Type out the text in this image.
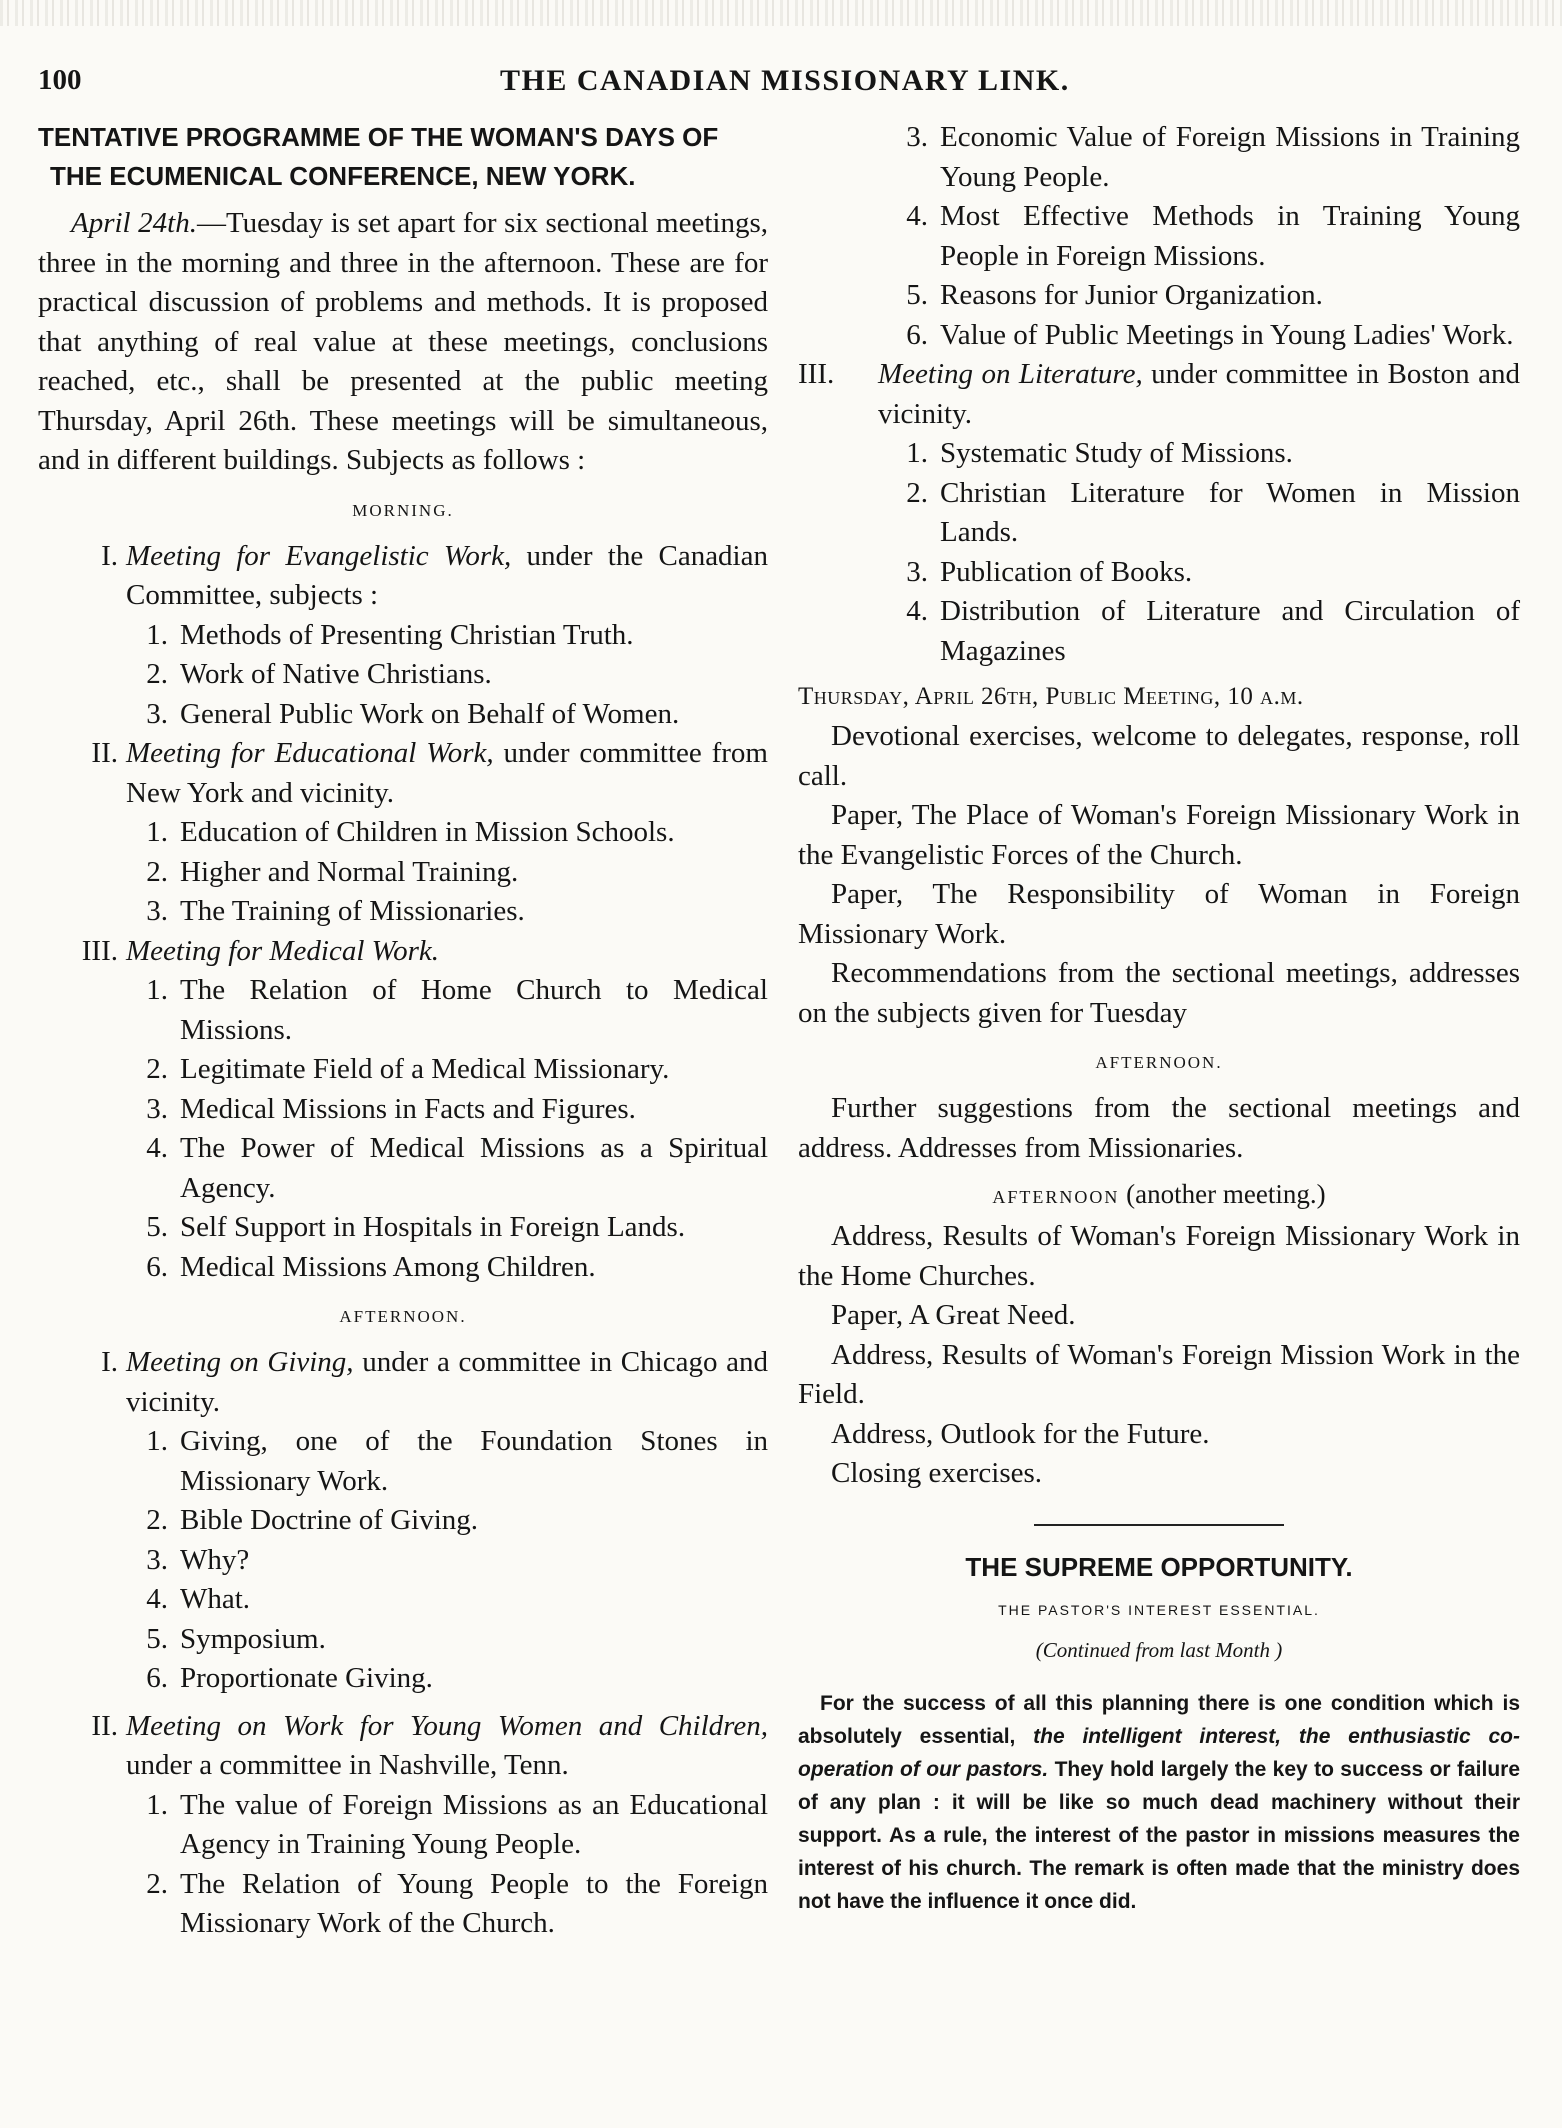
100	THE CANADIAN MISSIONARY LINK.
TENTATIVE PROGRAMME OF THE WOMAN'S DAYS OF THE ECUMENICAL CONFERENCE, NEW YORK.

April 24th.—Tuesday is set apart for six sectional meetings, three in the morning and three in the afternoon. These are for practical discussion of problems and methods. It is proposed that anything of real value at these meetings, conclusions reached, etc., shall be presented at the public meeting Thursday, April 26th. These meetings will be simultaneous, and in different buildings. Subjects as follows :

MORNING.
I. Meeting for Evangelistic Work, under the Canadian Committee, subjects :
1. Methods of Presenting Christian Truth.
2. Work of Native Christians.
3. General Public Work on Behalf of Women.
II. Meeting for Educational Work, under committee from New York and vicinity.
1. Education of Children in Mission Schools.
2. Higher and Normal Training.
3. The Training of Missionaries.
III. Meeting for Medical Work.
1. The Relation of Home Church to Medical Missions.
2. Legitimate Field of a Medical Missionary.
3. Medical Missions in Facts and Figures.
4. The Power of Medical Missions as a Spiritual Agency.
5. Self Support in Hospitals in Foreign Lands.
6. Medical Missions Among Children.
AFTERNOON.
I. Meeting on Giving, under a committee in Chicago and vicinity.
1. Giving, one of the Foundation Stones in Missionary Work.
2. Bible Doctrine of Giving.
3. Why?
4. What.
5. Symposium.
6. Proportionate Giving.
II. Meeting on Work for Young Women and Children, under a committee in Nashville, Tenn.
1. The value of Foreign Missions as an Educational Agency in Training Young People.
2. The Relation of Young People to the Foreign Missionary Work of the Church.
3. Economic Value of Foreign Missions in Training Young People.
4. Most Effective Methods in Training Young People in Foreign Missions.
5. Reasons for Junior Organization.
6. Value of Public Meetings in Young Ladies' Work.
III. Meeting on Literature, under committee in Boston and vicinity.
1. Systematic Study of Missions.
2. Christian Literature for Women in Mission Lands.
3. Publication of Books.
4. Distribution of Literature and Circulation of Magazines
Thursday, April 26th, Public Meeting, 10 a.m.

Devotional exercises, welcome to delegates, response, roll call.

Paper, The Place of Woman's Foreign Missionary Work in the Evangelistic Forces of the Church.

Paper, The Responsibility of Woman in Foreign Missionary Work.

Recommendations from the sectional meetings, addresses on the subjects given for Tuesday

AFTERNOON.

Further suggestions from the sectional meetings and address. Addresses from Missionaries.

AFTERNOON (another meeting.)

Address, Results of Woman's Foreign Missionary Work in the Home Churches.

Paper, A Great Need.

Address, Results of Woman's Foreign Mission Work in the Field.

Address, Outlook for the Future.

Closing exercises.

THE SUPREME OPPORTUNITY.
THE PASTOR'S INTEREST ESSENTIAL.
(Continued from last Month )

For the success of all this planning there is one condition which is absolutely essential, the intelligent interest, the enthusiastic co-operation of our pastors. They hold largely the key to success or failure of any plan : it will be like so much dead machinery without their support. As a rule, the interest of the pastor in missions measures the interest of his church. The remark is often made that the ministry does not have the influence it once did.
